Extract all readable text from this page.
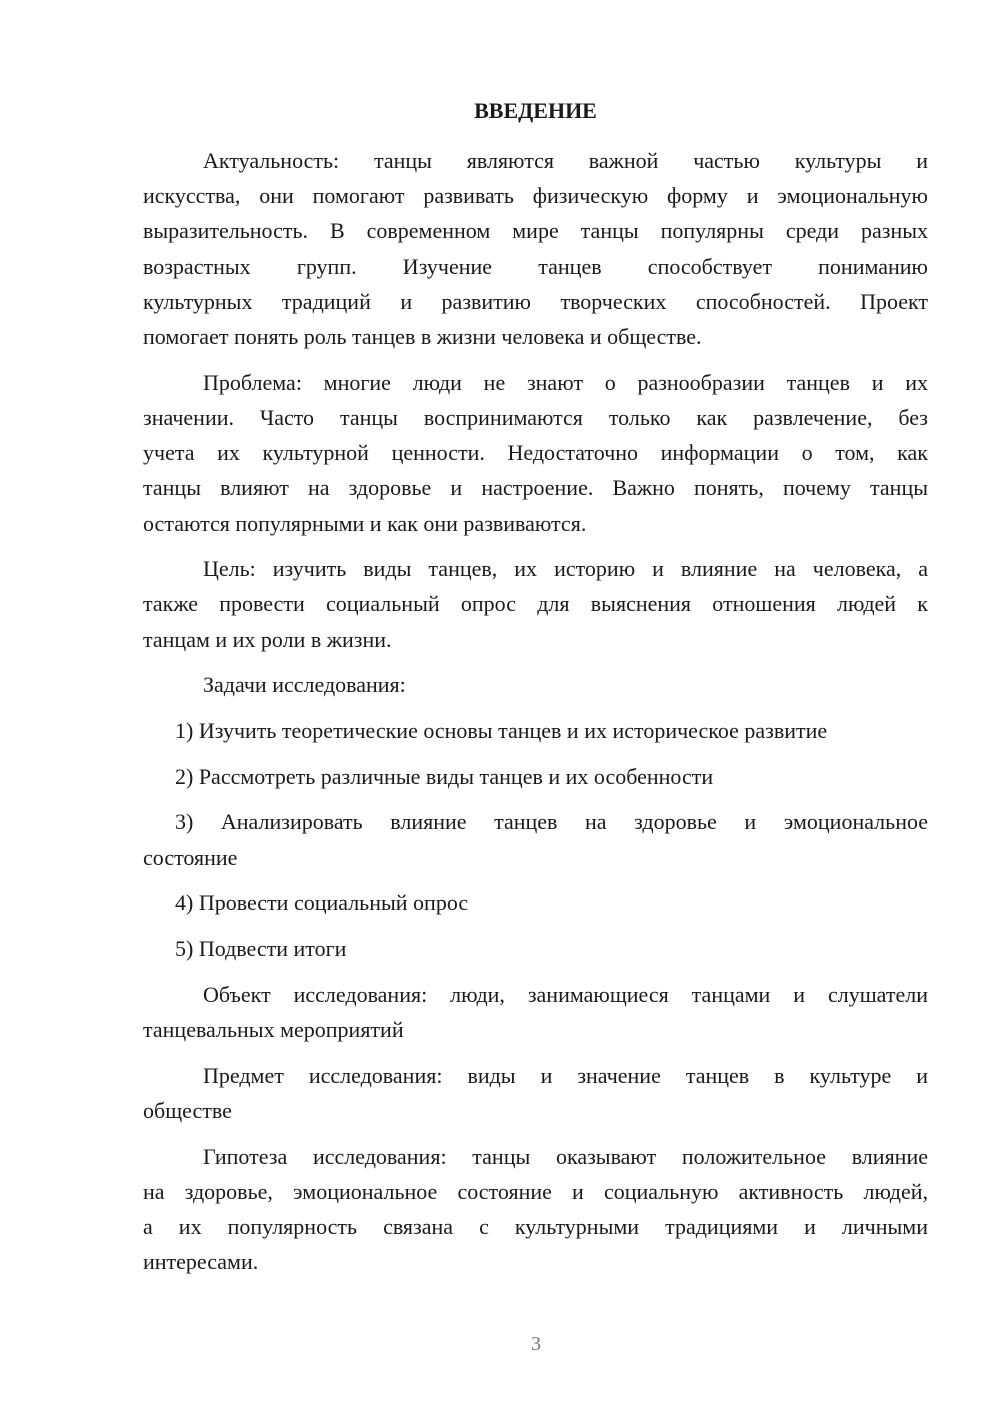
ВВЕДЕНИЕ
Актуальность: танцы являются важной частью культуры и
искусства, они помогают развивать физическую форму и эмоциональную
выразительность. В современном мире танцы популярны среди разных
возрастных групп. Изучение танцев способствует пониманию
культурных традиций и развитию творческих способностей. Проект
помогает понять роль танцев в жизни человека и обществе.
Проблема: многие люди не знают о разнообразии танцев и их
значении. Часто танцы воспринимаются только как развлечение, без
учета их культурной ценности. Недостаточно информации о том, как
танцы влияют на здоровье и настроение. Важно понять, почему танцы
остаются популярными и как они развиваются.
Цель: изучить виды танцев, их историю и влияние на человека, а
также провести социальный опрос для выяснения отношения людей к
танцам и их роли в жизни.
Задачи исследования:
1) Изучить теоретические основы танцев и их историческое развитие
2) Рассмотреть различные виды танцев и их особенности
3) Анализировать влияние танцев на здоровье и эмоциональное
состояние
4) Провести социальный опрос
5) Подвести итоги
Объект исследования: люди, занимающиеся танцами и слушатели
танцевальных мероприятий
Предмет исследования: виды и значение танцев в культуре и
обществе
Гипотеза исследования: танцы оказывают положительное влияние
на здоровье, эмоциональное состояние и социальную активность людей,
а их популярность связана с культурными традициями и личными
интересами.
3
